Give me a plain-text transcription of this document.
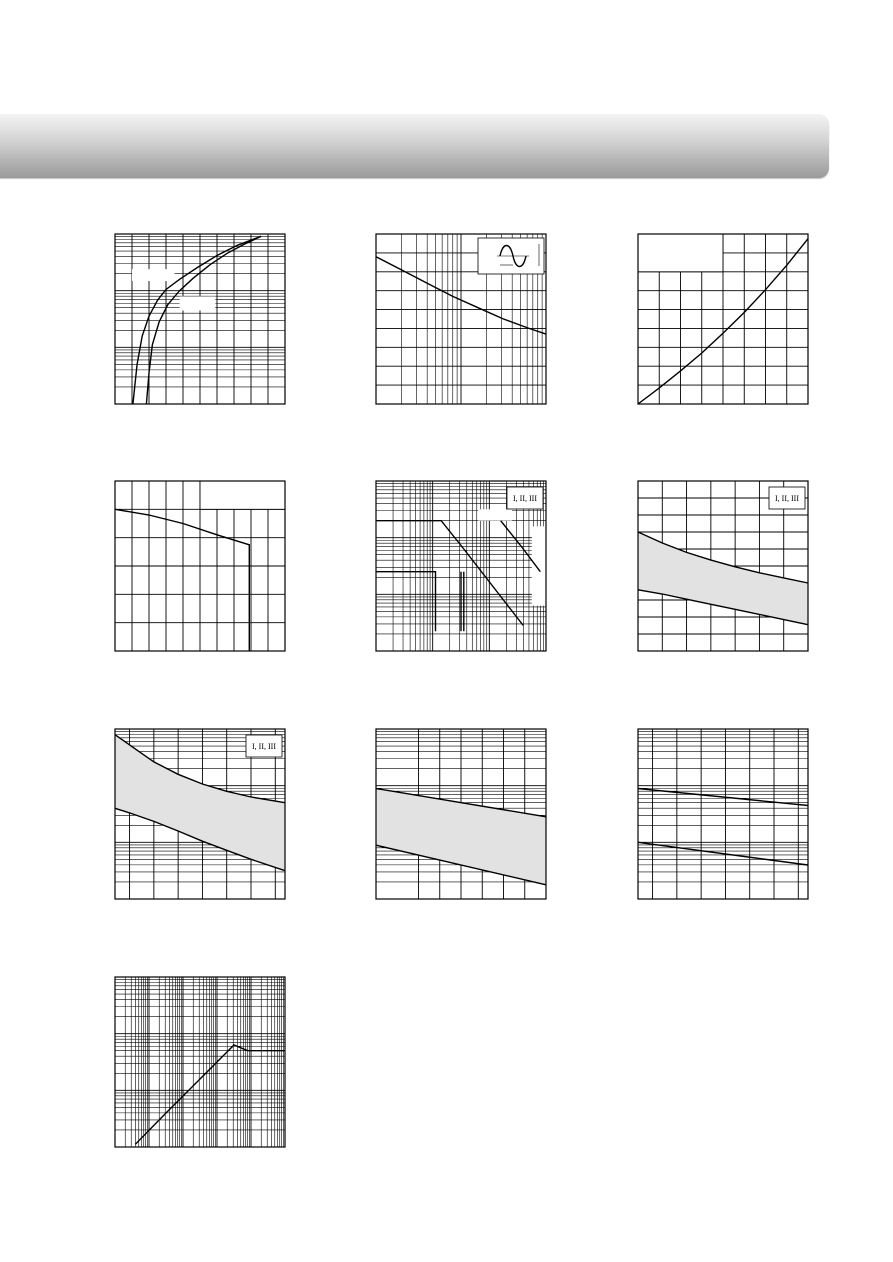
I, II, III	I, II, III
I, II, III
